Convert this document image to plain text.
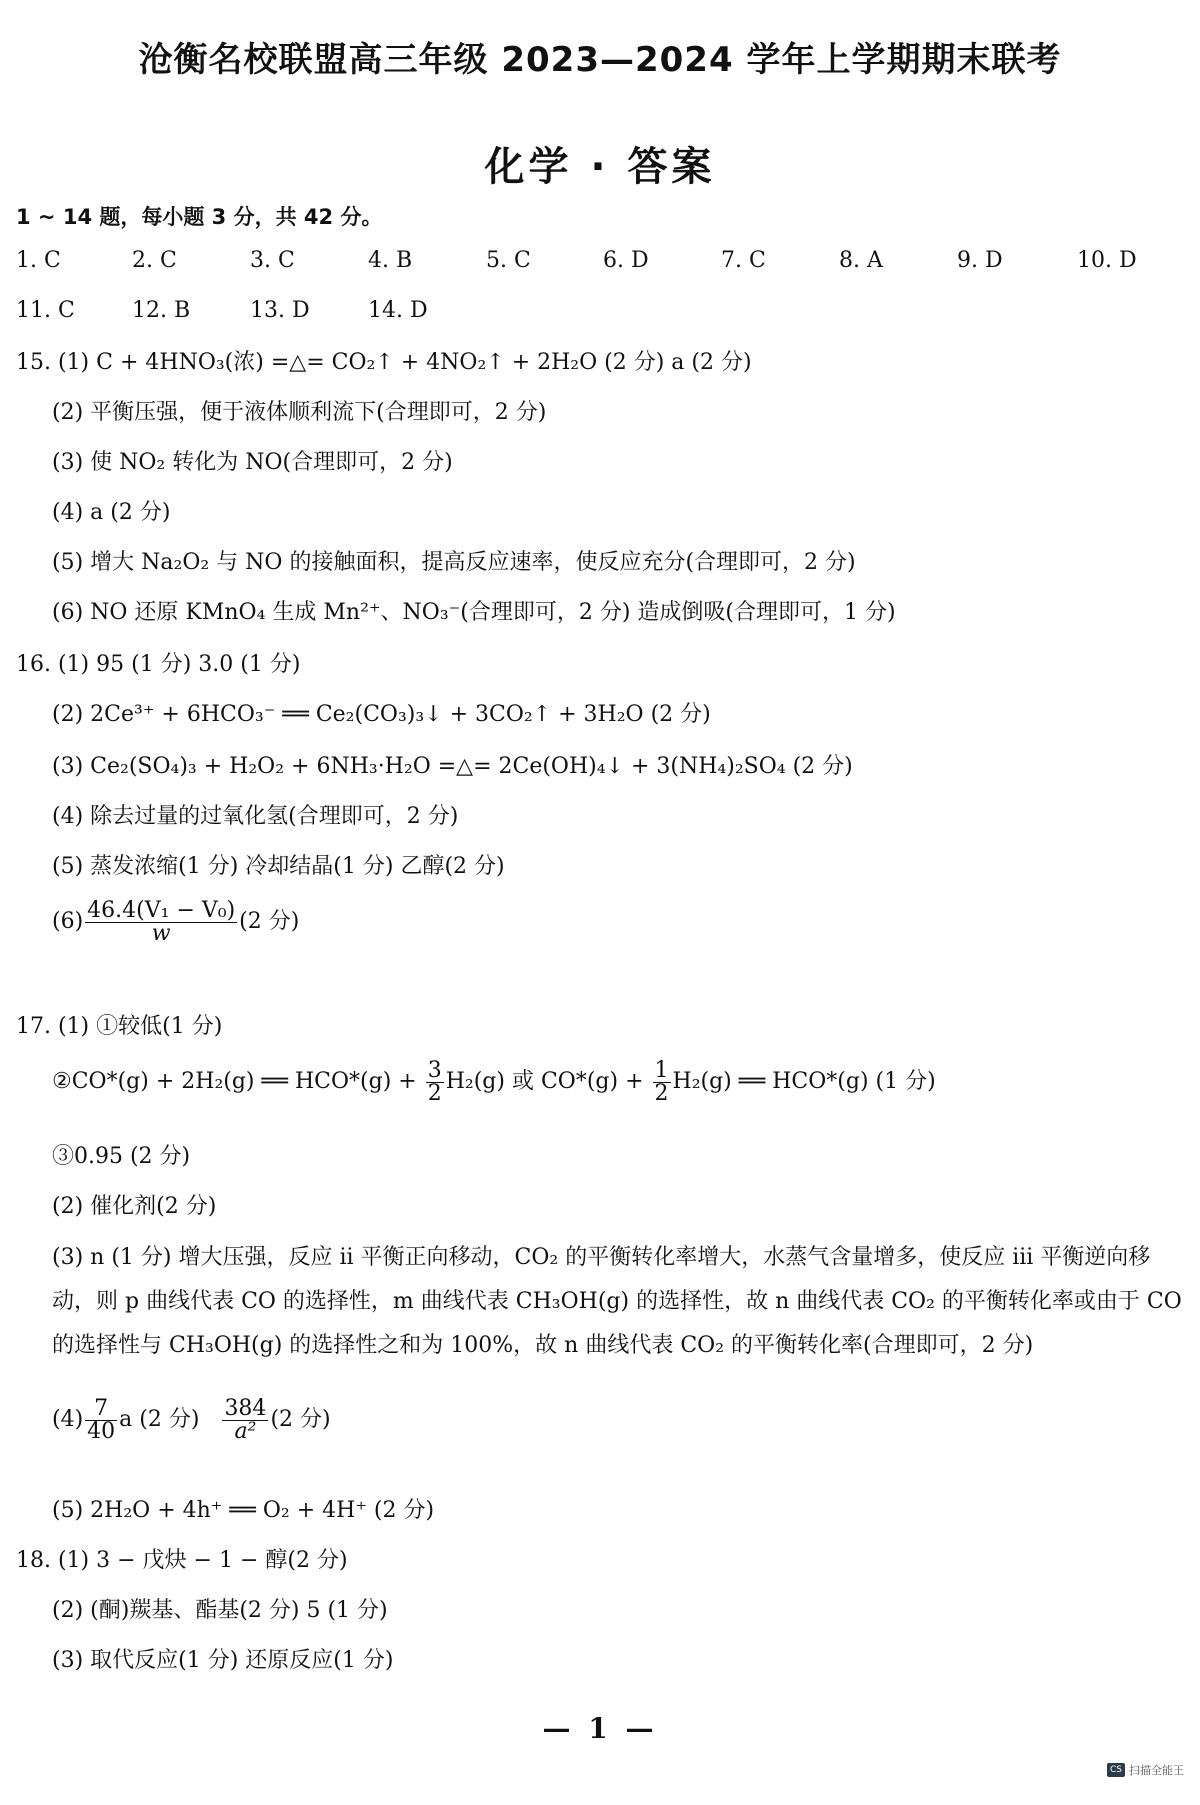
沧衡名校联盟高三年级 2023—2024 学年上学期期末联考
化学 · 答案
1 ~ 14 题，每小题 3 分，共 42 分。
1. C	2. C	3. C	4. B	5. C	6. D	7. C	8. A	9. D	10. D
11. C	12. B	13. D	14. D
15. (1) C + 4HNO₃(浓) =△= CO₂↑ + 4NO₂↑ + 2H₂O (2 分) a (2 分)
(2) 平衡压强，便于液体顺利流下(合理即可，2 分)
(3) 使 NO₂ 转化为 NO(合理即可，2 分)
(4) a (2 分)
(5) 增大 Na₂O₂ 与 NO 的接触面积，提高反应速率，使反应充分(合理即可，2 分)
(6) NO 还原 KMnO₄ 生成 Mn²⁺、NO₃⁻(合理即可，2 分) 造成倒吸(合理即可，1 分)
16. (1) 95 (1 分) 3.0 (1 分)
(2) 2Ce³⁺ + 6HCO₃⁻ ══ Ce₂(CO₃)₃↓ + 3CO₂↑ + 3H₂O (2 分)
(3) Ce₂(SO₄)₃ + H₂O₂ + 6NH₃·H₂O =△= 2Ce(OH)₄↓ + 3(NH₄)₂SO₄ (2 分)
(4) 除去过量的过氧化氢(合理即可，2 分)
(5) 蒸发浓缩(1 分) 冷却结晶(1 分) 乙醇(2 分)
$(6) \frac{\text{46.4(V₁ − V₀)}}{w} (2$ 分)
17. (1) ①较低(1 分)
②CO*(g) + 2H₂(g) ══ $HCO*(g) + \frac{3}{2} H_2(g)$ 或 $CO*(g) + \frac{1}{2} H_2(g)$ ══ HCO*(g) (1 分)
③0.95 (2 分)
(2) 催化剂(2 分)
(3) n (1 分) 增大压强，反应 ii 平衡正向移动，CO₂ 的平衡转化率增大，水蒸气含量增多，使反应 iii 平衡逆向移动，则 p 曲线代表 CO 的选择性，m 曲线代表 CH₃OH(g) 的选择性，故 n 曲线代表 CO₂ 的平衡转化率或由于 CO 的选择性与 CH₃OH(g) 的选择性之和为 100%，故 n 曲线代表 CO₂ 的平衡转化率(合理即可，2 分)
$(4) \frac{7}{40}$ a (2 分) $\frac{384}{\text{a²}} (2$ 分)
(5) 2H₂O + 4h⁺ ══ O₂ + 4H⁺ (2 分)
18. (1) 3 − 戊炔 − 1 − 醇(2 分)
(2) (酮)羰基、酯基(2 分) 5 (1 分)
(3) 取代反应(1 分) 还原反应(1 分)
— 1 —
CS 扫描全能王
